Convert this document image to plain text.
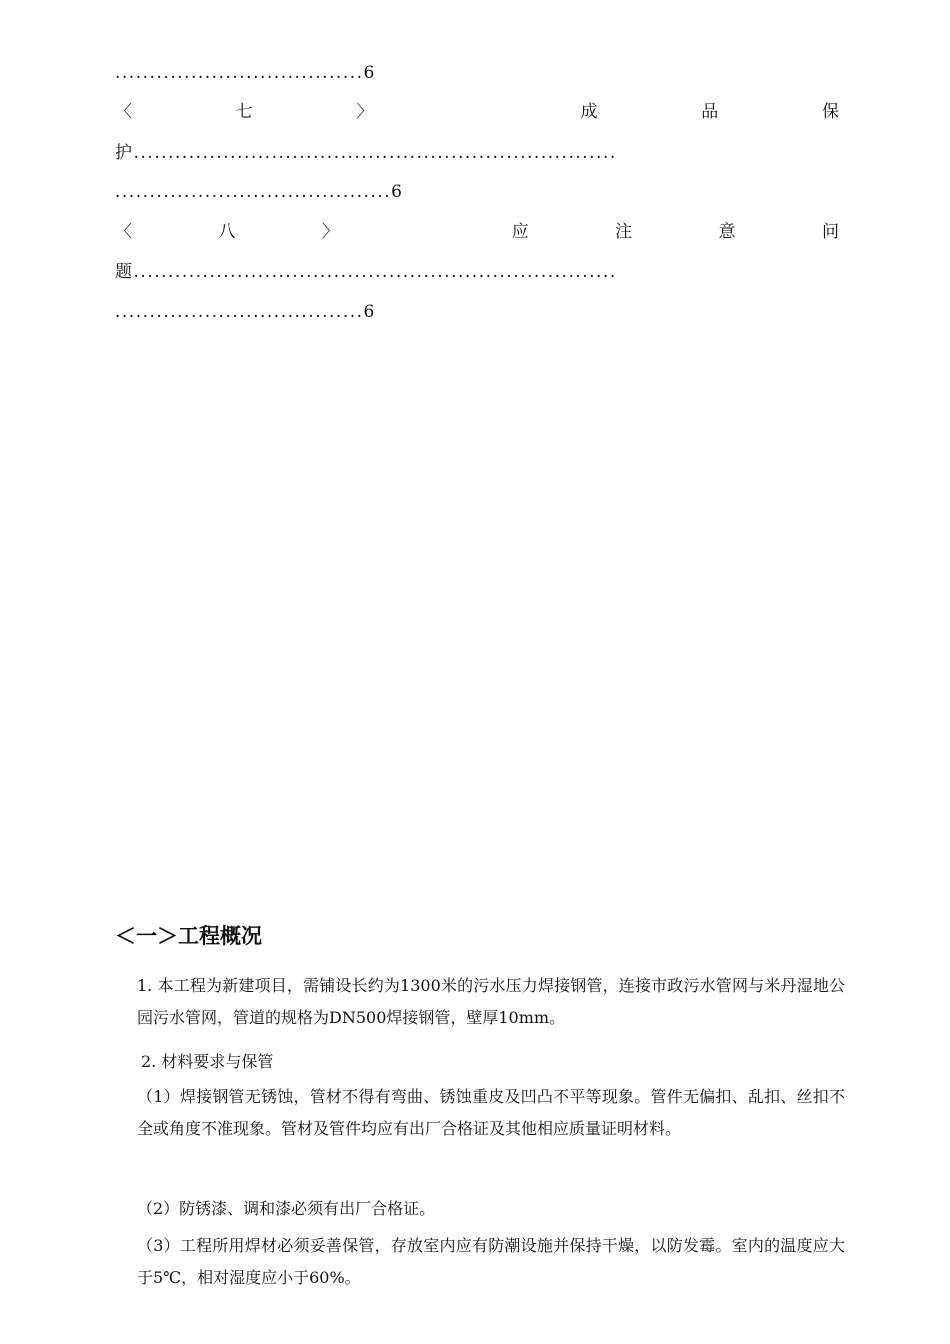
....................................6
〈	七	〉	成	品	保
护......................................................................
........................................6
〈	八	〉	应	注	意	问
题......................................................................
....................................6
＜一＞工程概况
1. 本工程为新建项目，需铺设长约为1300米的污水压力焊接钢管，连接市政污水管网与米丹湿地公园污水管网，管道的规格为DN500焊接钢管，壁厚10mm。
2. 材料要求与保管
（1）焊接钢管无锈蚀，管材不得有弯曲、锈蚀重皮及凹凸不平等现象。管件无偏扣、乱扣、丝扣不全或角度不准现象。管材及管件均应有出厂合格证及其他相应质量证明材料。
（2）防锈漆、调和漆必须有出厂合格证。
（3）工程所用焊材必须妥善保管，存放室内应有防潮设施并保持干燥，以防发霉。室内的温度应大于5℃，相对湿度应小于60%。
